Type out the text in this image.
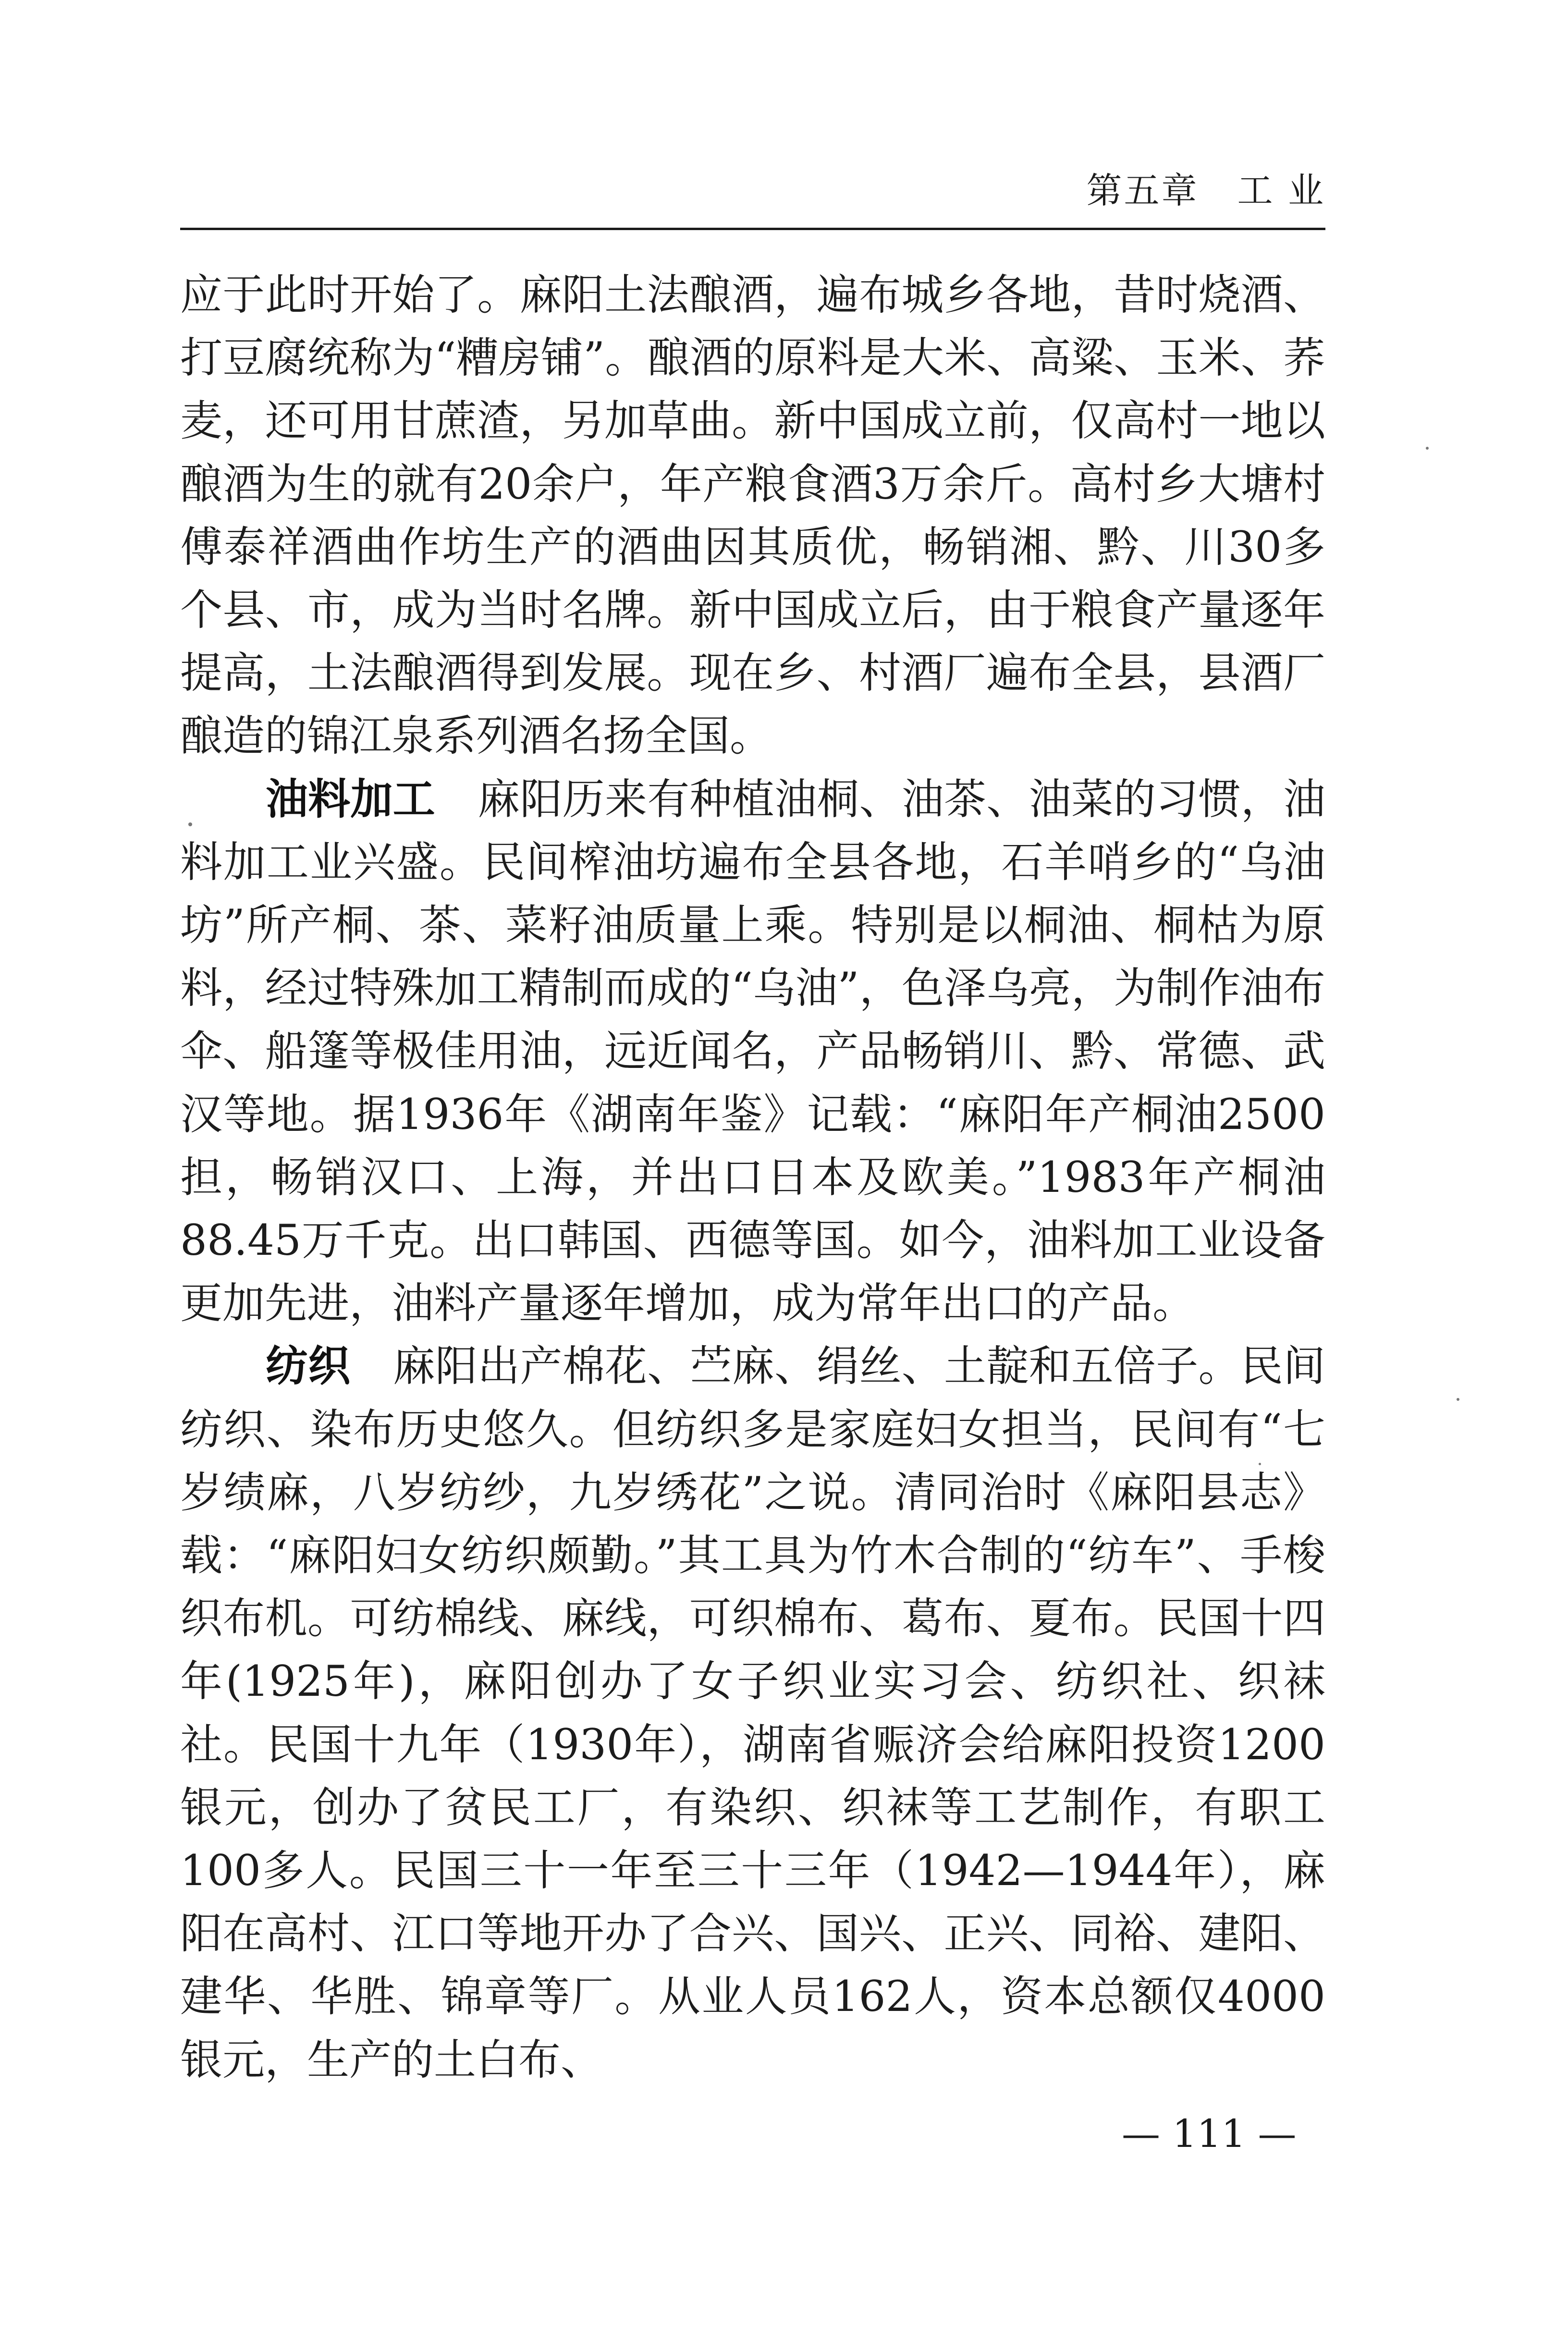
第五章 工 业

应于此时开始了。麻阳土法酿酒，遍布城乡各地，昔时烧酒、打豆腐统称为“糟房铺”。酿酒的原料是大米、高粱、玉米、荞麦，还可用甘蔗渣，另加草曲。新中国成立前，仅高村一地以酿酒为生的就有20余户，年产粮食酒3万余斤。高村乡大塘村傅泰祥酒曲作坊生产的酒曲因其质优，畅销湘、黔、川30多个县、市，成为当时名牌。新中国成立后，由于粮食产量逐年提高，土法酿酒得到发展。现在乡、村酒厂遍布全县，县酒厂酿造的锦江泉系列酒名扬全国。

油料加工　 麻阳历来有种植油桐、油茶、油菜的习惯，油料加工业兴盛。民间榨油坊遍布全县各地，石羊哨乡的“乌油坊”所产桐、茶、菜籽油质量上乘。特别是以桐油、桐枯为原料，经过特殊加工精制而成的“乌油”，色泽乌亮，为制作油布伞、船篷等极佳用油，远近闻名，产品畅销川、黔、常德、武汉等地。据1936年《湖南年鉴》记载：“麻阳年产桐油2500担，畅销汉口、上海，并出口日本及欧美。”1983年产桐油88.45万千克。出口韩国、西德等国。如今，油料加工业设备更加先进，油料产量逐年增加，成为常年出口的产品。

纺织　 麻阳出产棉花、苎麻、绢丝、土靛和五倍子。民间纺织、染布历史悠久。但纺织多是家庭妇女担当，民间有“七岁绩麻，八岁纺纱，九岁绣花”之说。清同治时《麻阳县志》载：“麻阳妇女纺织颇勤。”其工具为竹木合制的“纺车”、手梭织布机。可纺棉线、麻线，可织棉布、葛布、夏布。民国十四年(1925年)，麻阳创办了女子织业实习会、纺织社、织袜社。民国十九年（1930年），湖南省赈济会给麻阳投资1200银元，创办了贫民工厂，有染织、织袜等工艺制作，有职工100多人。民国三十一年至三十三年（1942—1944年），麻阳在高村、江口等地开办了合兴、国兴、正兴、同裕、建阳、建华、华胜、锦章等厂。从业人员162人，资本总额仅4000银元，生产的土白布、

— 111 —
